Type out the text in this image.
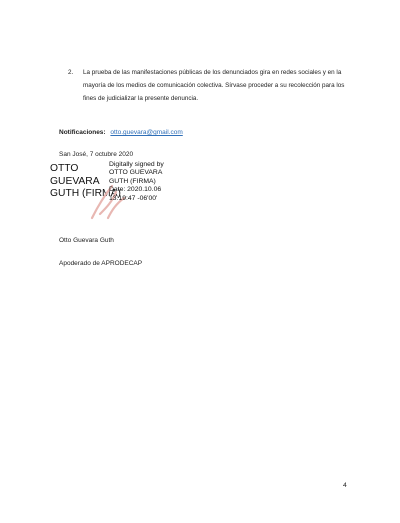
2.	La prueba de las manifestaciones públicas de los denunciados gira en redes sociales y en la mayoría de los medios de comunicación colectiva. Sírvase proceder a su recolección para los fines de judicializar la presente denuncia.
Notificaciones: otto.guevara@gmail.com
San José, 7 octubre 2020
OTTO
GUEVARA
GUTH (FIRMA)
Digitally signed by
OTTO GUEVARA
GUTH (FIRMA)
Date: 2020.10.06
13:19:47 -06'00'
Otto Guevara Guth
Apoderado de APRODECAP
4
